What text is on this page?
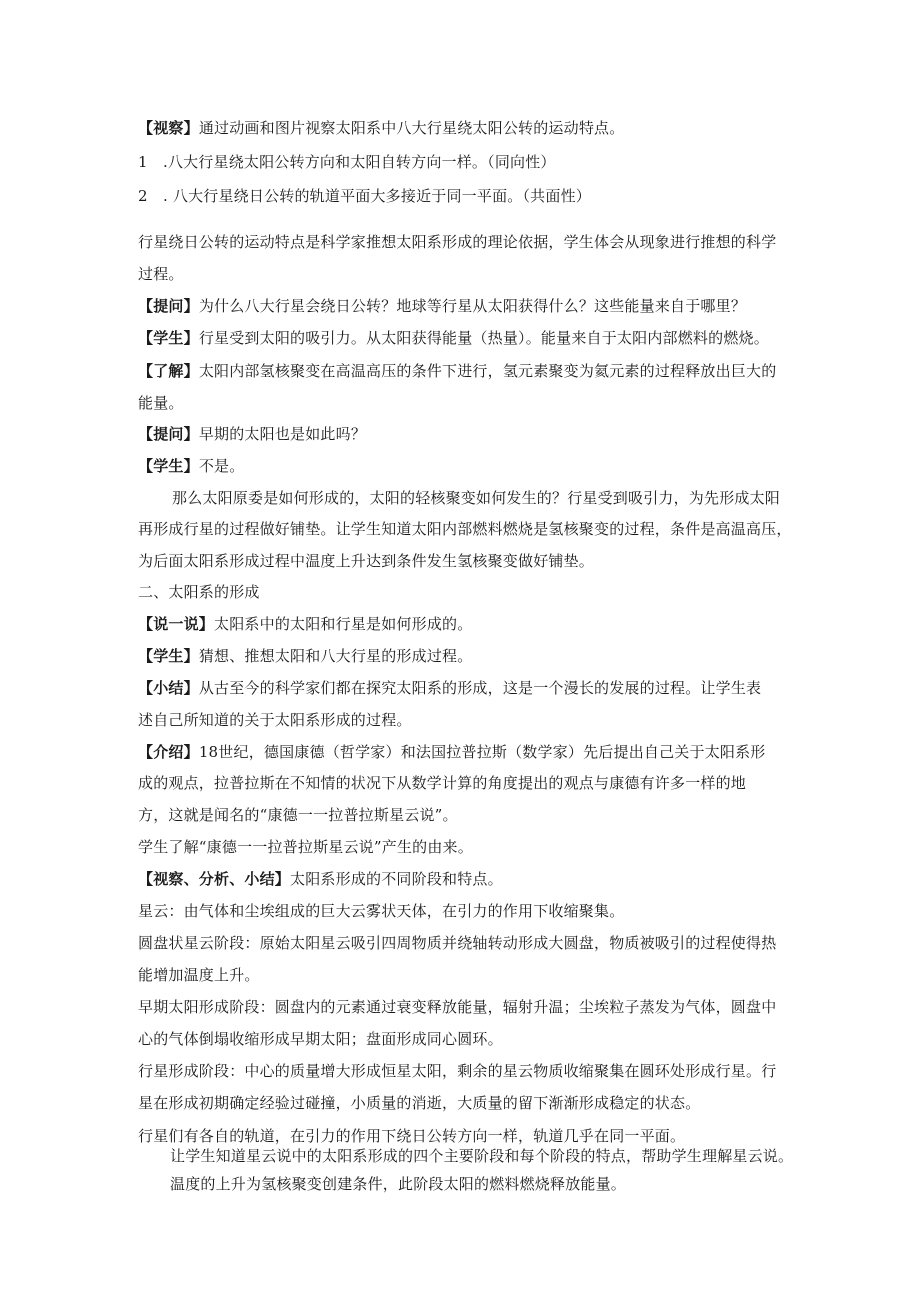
【视察】通过动画和图片视察太阳系中八大行星绕太阳公转的运动特点。
1　.八大行星绕太阳公转方向和太阳自转方向一样。（同向性）
2　. 八大行星绕日公转的轨道平面大多接近于同一平面。（共面性）
行星绕日公转的运动特点是科学家推想太阳系形成的理论依据，学生体会从现象进行推想的科学
过程。
【提问】为什么八大行星会绕日公转？地球等行星从太阳获得什么？这些能量来自于哪里？
【学生】行星受到太阳的吸引力。从太阳获得能量（热量）。能量来自于太阳内部燃料的燃烧。
【了解】太阳内部氢核聚变在高温高压的条件下进行，氢元素聚变为氦元素的过程释放出巨大的
能量。
【提问】早期的太阳也是如此吗？
【学生】不是。
那么太阳原委是如何形成的，太阳的轻核聚变如何发生的？行星受到吸引力，为先形成太阳
再形成行星的过程做好铺垫。让学生知道太阳内部燃料燃烧是氢核聚变的过程，条件是高温高压，
为后面太阳系形成过程中温度上升达到条件发生氢核聚变做好铺垫。
二、太阳系的形成
【说一说】太阳系中的太阳和行星是如何形成的。
【学生】猜想、推想太阳和八大行星的形成过程。
【小结】从古至今的科学家们都在探究太阳系的形成，这是一个漫长的发展的过程。让学生表
述自己所知道的关于太阳系形成的过程。
【介绍】18世纪，德国康德（哲学家）和法国拉普拉斯（数学家）先后提出自己关于太阳系形
成的观点，拉普拉斯在不知情的状况下从数学计算的角度提出的观点与康德有许多一样的地
方，这就是闻名的“康德一一拉普拉斯星云说”。
学生了解“康德一一拉普拉斯星云说”产生的由来。
【视察、分析、小结】太阳系形成的不同阶段和特点。
星云：由气体和尘埃组成的巨大云雾状天体，在引力的作用下收缩聚集。
圆盘状星云阶段：原始太阳星云吸引四周物质并绕轴转动形成大圆盘，物质被吸引的过程使得热
能增加温度上升。
早期太阳形成阶段：圆盘内的元素通过衰变释放能量，辐射升温；尘埃粒子蒸发为气体，圆盘中
心的气体倒塌收缩形成早期太阳；盘面形成同心圆环。
行星形成阶段：中心的质量增大形成恒星太阳，剩余的星云物质收缩聚集在圆环处形成行星。行
星在形成初期确定经验过碰撞，小质量的消逝，大质量的留下渐渐形成稳定的状态。
行星们有各自的轨道，在引力的作用下绕日公转方向一样，轨道几乎在同一平面。
让学生知道星云说中的太阳系形成的四个主要阶段和每个阶段的特点，帮助学生理解星云说。
温度的上升为氢核聚变创建条件，此阶段太阳的燃料燃烧释放能量。
